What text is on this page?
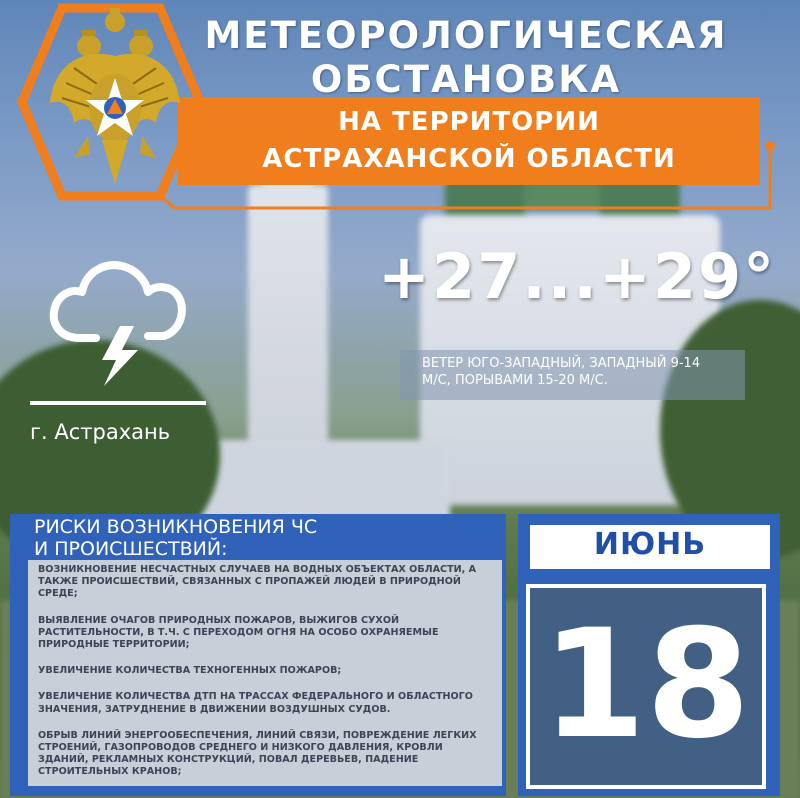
МЕТЕОРОЛОГИЧЕСКАЯ
ОБСТАНОВКА
НА ТЕРРИТОРИИ
АСТРАХАНСКОЙ ОБЛАСТИ
г. Астрахань
+27...+29°
ВЕТЕР ЮГО-ЗАПАДНЫЙ, ЗАПАДНЫЙ 9-14
М/С, ПОРЫВАМИ 15-20 М/С.
РИСКИ ВОЗНИКНОВЕНИЯ ЧС
И ПРОИСШЕСТВИЙ:

ВОЗНИКНОВЕНИЕ НЕСЧАСТНЫХ СЛУЧАЕВ НА ВОДНЫХ ОБЪЕКТАХ ОБЛАСТИ, А ТАКЖЕ ПРОИСШЕСТВИЙ, СВЯЗАННЫХ С ПРОПАЖЕЙ ЛЮДЕЙ В ПРИРОДНОЙ СРЕДЕ;

ВЫЯВЛЕНИЕ ОЧАГОВ ПРИРОДНЫХ ПОЖАРОВ, ВЫЖИГОВ СУХОЙ РАСТИТЕЛЬНОСТИ, В Т.Ч. С ПЕРЕХОДОМ ОГНЯ НА ОСОБО ОХРАНЯЕМЫЕ ПРИРОДНЫЕ ТЕРРИТОРИИ;

УВЕЛИЧЕНИЕ КОЛИЧЕСТВА ТЕХНОГЕННЫХ ПОЖАРОВ;

УВЕЛИЧЕНИЕ КОЛИЧЕСТВА ДТП НА ТРАССАХ ФЕДЕРАЛЬНОГО И ОБЛАСТНОГО ЗНАЧЕНИЯ, ЗАТРУДНЕНИЕ В ДВИЖЕНИИ ВОЗДУШНЫХ СУДОВ.

ОБРЫВ ЛИНИЙ ЭНЕРГООБЕСПЕЧЕНИЯ, ЛИНИЙ СВЯЗИ, ПОВРЕЖДЕНИЕ ЛЕГКИХ СТРОЕНИЙ, ГАЗОПРОВОДОВ СРЕДНЕГО И НИЗКОГО ДАВЛЕНИЯ, КРОВЛИ ЗДАНИЙ, РЕКЛАМНЫХ КОНСТРУКЦИЙ, ПОВАЛ ДЕРЕВЬЕВ, ПАДЕНИЕ СТРОИТЕЛЬНЫХ КРАНОВ;

ИЮНЬ
18
